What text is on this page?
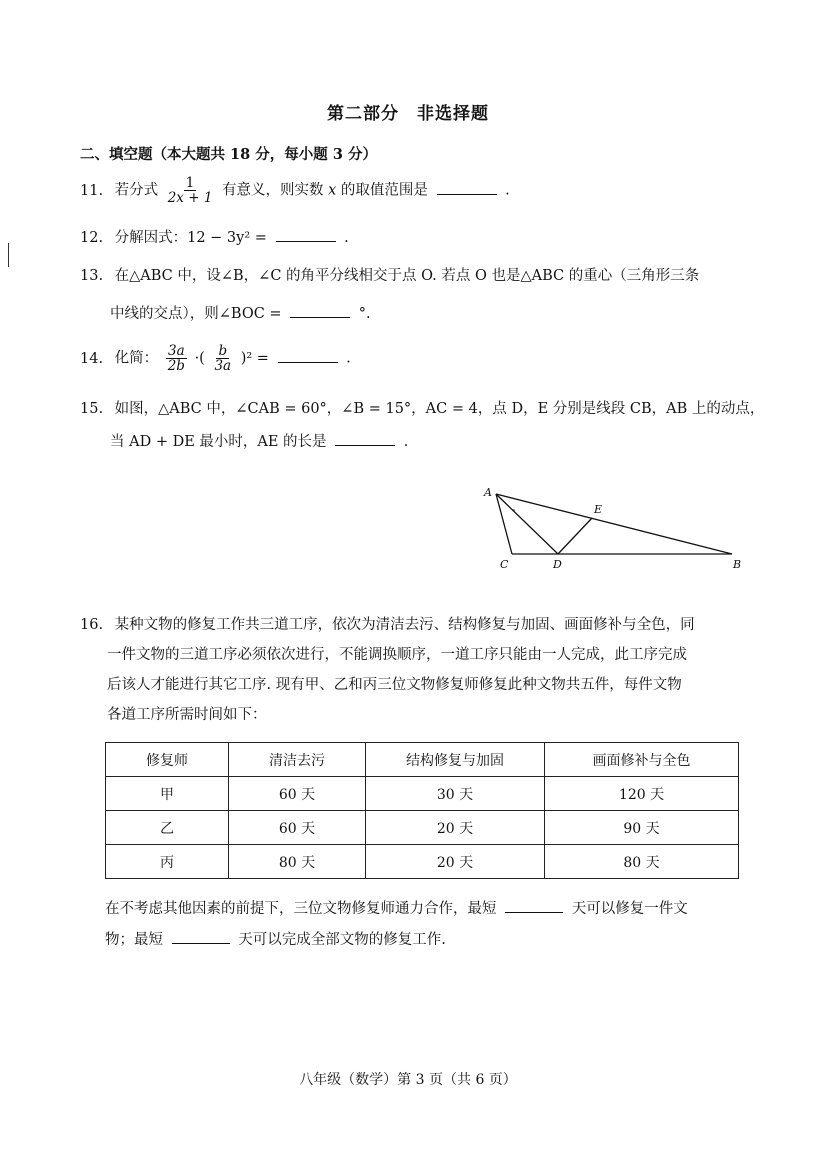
第二部分　非选择题
二、填空题（本大题共 18 分，每小题 3 分）
11. 若分式 $\frac{1}{2x + 1}$ 有意义，则实数 x 的取值范围是	.
12. 分解因式：12 − 3y² =	.
13. 在△ABC 中，设∠B，∠C 的角平分线相交于点 O. 若点 O 也是△ABC 的重心（三角形三条
中线的交点），则∠BOC =	°.
14. 化简： $\frac{3a}{2b}$ ·( $\frac{b}{3a} )^2$ =	.
15. 如图，△ABC 中，∠CAB = 60°，∠B = 15°，AC = 4，点 D，E 分别是线段 CB，AB 上的动点，
当 AD + DE 最小时，AE 的长是	.
A
E
C	D	B
16. 某种文物的修复工作共三道工序，依次为清洁去污、结构修复与加固、画面修补与全色，同
一件文物的三道工序必须依次进行，不能调换顺序，一道工序只能由一人完成，此工序完成
后该人才能进行其它工序. 现有甲、乙和丙三位文物修复师修复此种文物共五件，每件文物
各道工序所需时间如下：
修复师	清洁去污	结构修复与加固	画面修补与全色
甲	60 天	30 天	120 天
乙	60 天	20 天	90 天
丙	80 天	20 天	80 天
在不考虑其他因素的前提下，三位文物修复师通力合作，最短	天可以修复一件文
物；最短	天可以完成全部文物的修复工作.
八年级（数学）第 3 页（共 6 页）
